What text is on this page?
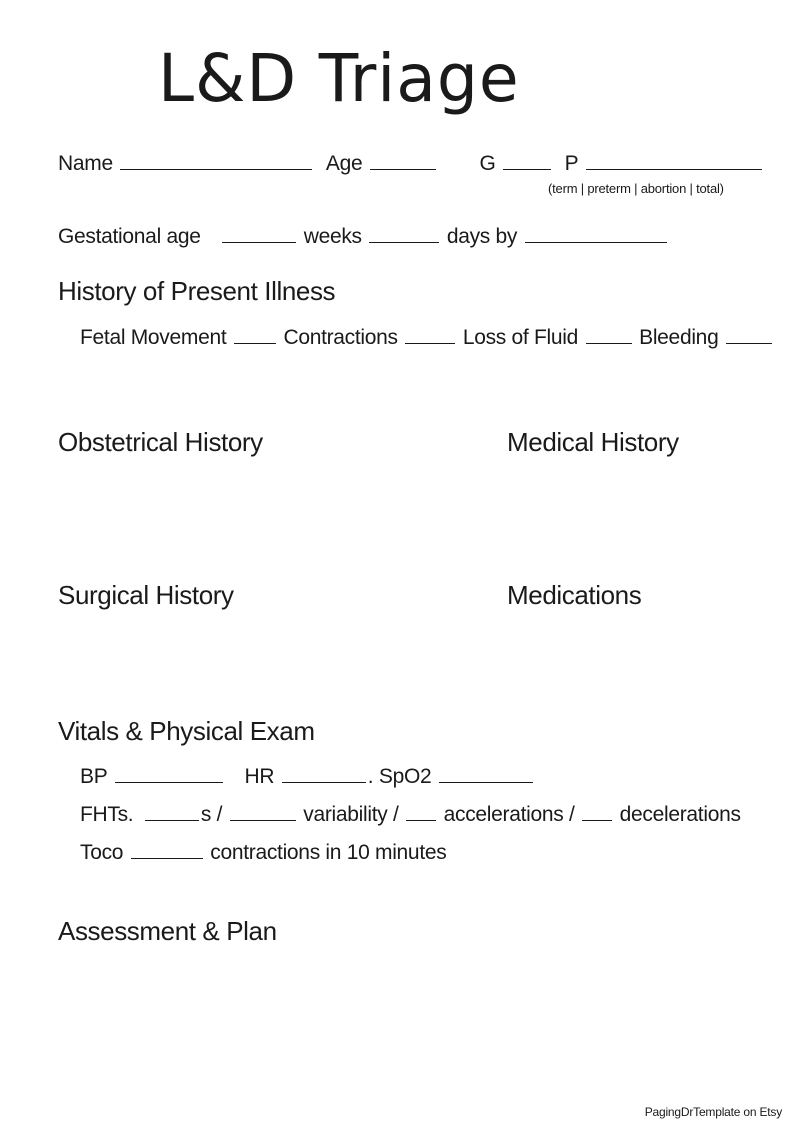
L&D Triage
Name	Age	G	P
(term | preterm | abortion | total)
Gestational age	weeks	days by
History of Present Illness
Fetal Movement	Contractions	Loss of Fluid	Bleeding
Obstetrical History	Medical History
Surgical History	Medications
Vitals & Physical Exam
BP	HR	. SpO2
FHTs.	s /	variability / accelerations / decelerations
Toco	contractions in 10 minutes
Assessment & Plan
PagingDrTemplate on Etsy
